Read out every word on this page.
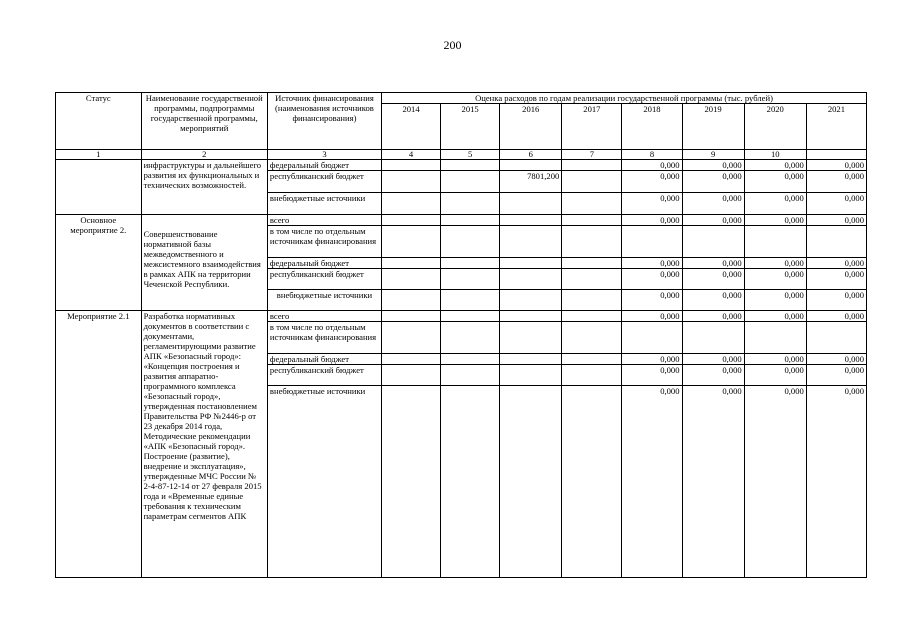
200
Статус	Наименование государственной программы, подпрограммы государственной программы, мероприятий	Источник финансирования (наименования источников финансирования)	Оценка расходов по годам реализации государственной программы (тыс. рублей)							
			2014	2015	2016	2017	2018	2019	2020	2021
1	2	3	4	5	6	7	8	9	10	
	инфраструктуры и дальнейшего развития их функциональных и технических возможностей.	федеральный бюджет					0,000	0,000	0,000	0,000
		республиканский бюджет			7801,200		0,000	0,000	0,000	0,000
		внебюджетные источники					0,000	0,000	0,000	0,000
Основное мероприятие 2.	Совершенствование нормативной базы межведомственного и межсистемного взаимодействия в рамках АПК на территории Чеченской Республики.	всего					0,000	0,000	0,000	0,000
		в том числе по отдельным источникам финансирования								
		федеральный бюджет					0,000	0,000	0,000	0,000
		республиканский бюджет					0,000	0,000	0,000	0,000
		внебюджетные источники					0,000	0,000	0,000	0,000
Мероприятие 2.1	Разработка нормативных документов в соответствии с документами, регламентирующими развитие АПК «Безопасный город»: «Концепция построения и развития аппаратно-программного комплекса «Безопасный город», утвержденная постановлением Правительства РФ №2446-р от 23 декабря 2014 года, Методические рекомендации «АПК «Безопасный город». Построение (развитие), внедрение и эксплуатация», утвержденные МЧС России № 2-4-87-12-14 от 27 февраля 2015 года и «Временные единые требования к техническим параметрам сегментов АПК	всего					0,000	0,000	0,000	0,000
		в том числе по отдельным источникам финансирования								
		федеральный бюджет					0,000	0,000	0,000	0,000
		республиканский бюджет					0,000	0,000	0,000	0,000
		внебюджетные источники					0,000	0,000	0,000	0,000
